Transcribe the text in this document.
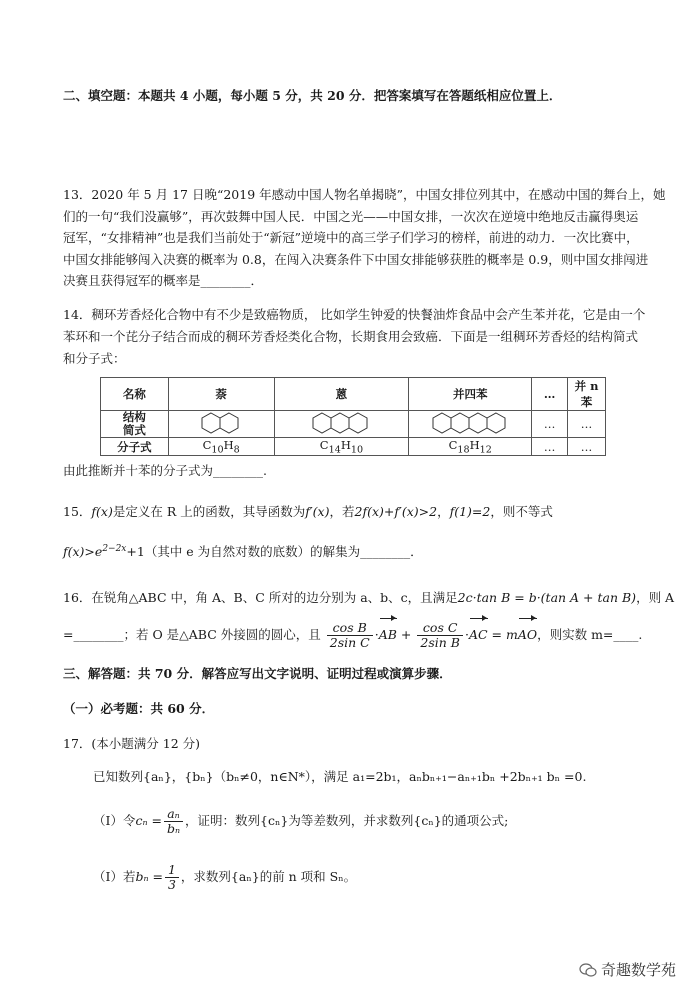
二、填空题：本题共 4 小题，每小题 5 分，共 20 分．把答案填写在答题纸相应位置上．
13．2020 年 5 月 17 日晚“2019 年感动中国人物名单揭晓”，中国女排位列其中，在感动中国的舞台上，她
们的一句“我们没赢够”，再次鼓舞中国人民．中国之光——中国女排，一次次在逆境中绝地反击赢得奥运
冠军，“女排精神”也是我们当前处于“新冠”逆境中的高三学子们学习的榜样，前进的动力．一次比赛中，
中国女排能够闯入决赛的概率为 0.8，在闯入决赛条件下中国女排能够获胜的概率是 0.9，则中国女排闯进
决赛且获得冠军的概率是________．
14．稠环芳香烃化合物中有不少是致癌物质， 比如学生钟爱的快餐油炸食品中会产生苯并花，它是由一个
苯环和一个芘分子结合而成的稠环芳香烃类化合物，长期食用会致癌．下面是一组稠环芳香烃的结构简式
和分子式：
名称	萘	蒽	并四苯	…	并 n 苯
结构
简式				…	…
分子式	$C_{10}H_8$	$C_{14}H_{10}$	$C_{18}H_{12}$	…	…
由此推断并十苯的分子式为________.
15．f(x)是定义在 R 上的函数，其导函数为f′(x)，若2f(x)+f′(x)>2，f(1)=2，则不等式
$f(x)>e^{2-2x}+1$（其中 e 为自然对数的底数）的解集为________．
16．在锐角△ABC 中，角 A、B、C 所对的边分别为 a、b、c，且满足2c·tan B = b·(tan A + tan B)，则 A
=________；若 O 是△ABC 外接圆的圆心，且 $\frac{\text{cos B}}{\text{2sin C}} \cdot AB + \frac{\text{cos C}}{\text{2sin B}} \cdot AC$ = mAO，则实数 m=____.
三、解答题：共 70 分．解答应写出文字说明、证明过程或演算步骤．
（一）必考题：共 60 分．
17．(本小题满分 12 分)
已知数列{aₙ}，{bₙ}（bₙ≠0，n∈N*），满足 a₁=2b₁，aₙbₙ₊₁−aₙ₊₁bₙ +2bₙ₊₁ bₙ =0.
（Ⅰ）令$c_n = \frac{\text{aₙ}}{\text{bₙ}}$ ，证明：数列{cₙ}为等差数列，并求数列{cₙ}的通项公式;
（Ⅰ）若$b_n = \frac{1}{3}$ ，求数列{aₙ}的前 n 项和 Sₙ。
奇趣数学苑
